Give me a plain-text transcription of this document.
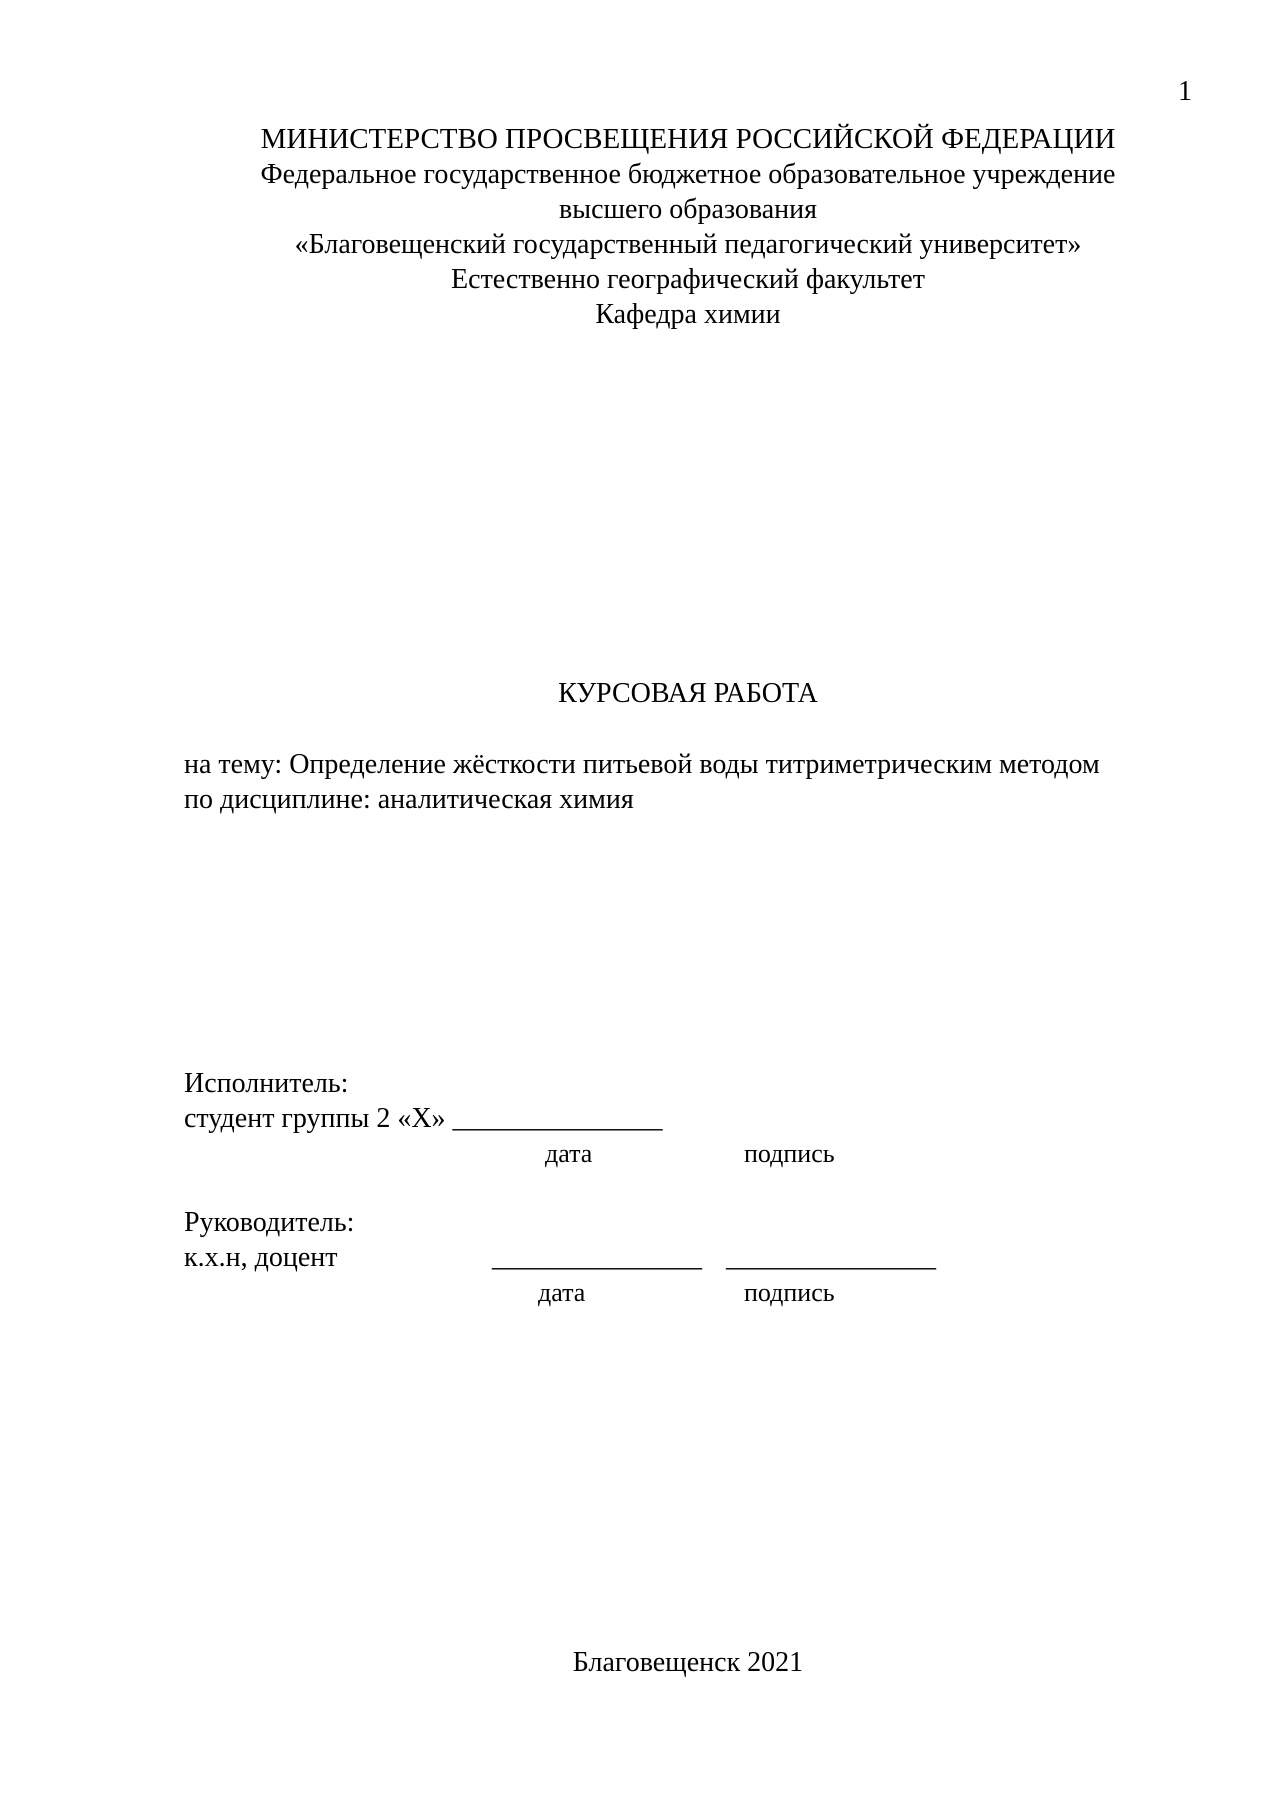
1
МИНИСТЕРСТВО ПРОСВЕЩЕНИЯ РОССИЙСКОЙ ФЕДЕРАЦИИ
Федеральное государственное бюджетное образовательное учреждение
высшего образования
«Благовещенский государственный педагогический университет»
Естественно географический факультет
Кафедра химии
КУРСОВАЯ РАБОТА
на тему: Определение жёсткости питьевой воды титриметрическим методом
по дисциплине: аналитическая химия
Исполнитель:
студент группы 2 «Х» _______________
дата	подпись
Руководитель:
к.х.н, доцент	_______________ _______________
дата	подпись
Благовещенск 2021
